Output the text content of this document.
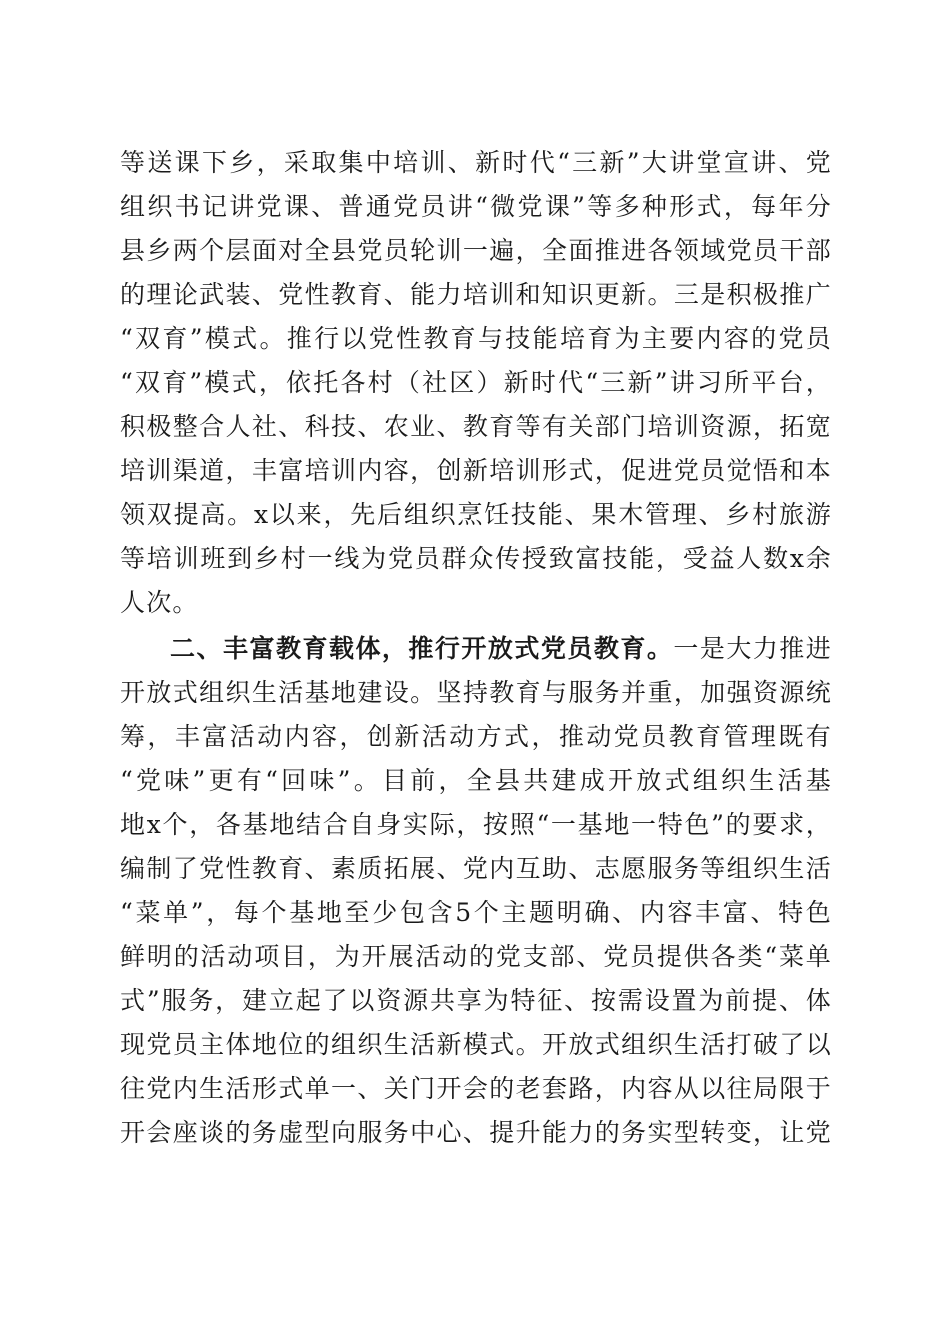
等送课下乡，采取集中培训、新时代“三新”大讲堂宣讲、党
组织书记讲党课、普通党员讲“微党课”等多种形式，每年分
县乡两个层面对全县党员轮训一遍，全面推进各领域党员干部
的理论武装、党性教育、能力培训和知识更新。三是积极推广
“双育”模式。推行以党性教育与技能培育为主要内容的党员
“双育”模式，依托各村（社区）新时代“三新”讲习所平台，
积极整合人社、科技、农业、教育等有关部门培训资源，拓宽
培训渠道，丰富培训内容，创新培训形式，促进党员觉悟和本
领双提高。x以来，先后组织烹饪技能、果木管理、乡村旅游
等培训班到乡村一线为党员群众传授致富技能，受益人数x余
人次。
二、丰富教育载体，推行开放式党员教育。一是大力推进
开放式组织生活基地建设。坚持教育与服务并重，加强资源统
筹，丰富活动内容，创新活动方式，推动党员教育管理既有
“党味”更有“回味”。目前，全县共建成开放式组织生活基
地x个，各基地结合自身实际，按照“一基地一特色”的要求，
编制了党性教育、素质拓展、党内互助、志愿服务等组织生活
“菜单”，每个基地至少包含5个主题明确、内容丰富、特色
鲜明的活动项目，为开展活动的党支部、党员提供各类“菜单
式”服务，建立起了以资源共享为特征、按需设置为前提、体
现党员主体地位的组织生活新模式。开放式组织生活打破了以
往党内生活形式单一、关门开会的老套路，内容从以往局限于
开会座谈的务虚型向服务中心、提升能力的务实型转变，让党
